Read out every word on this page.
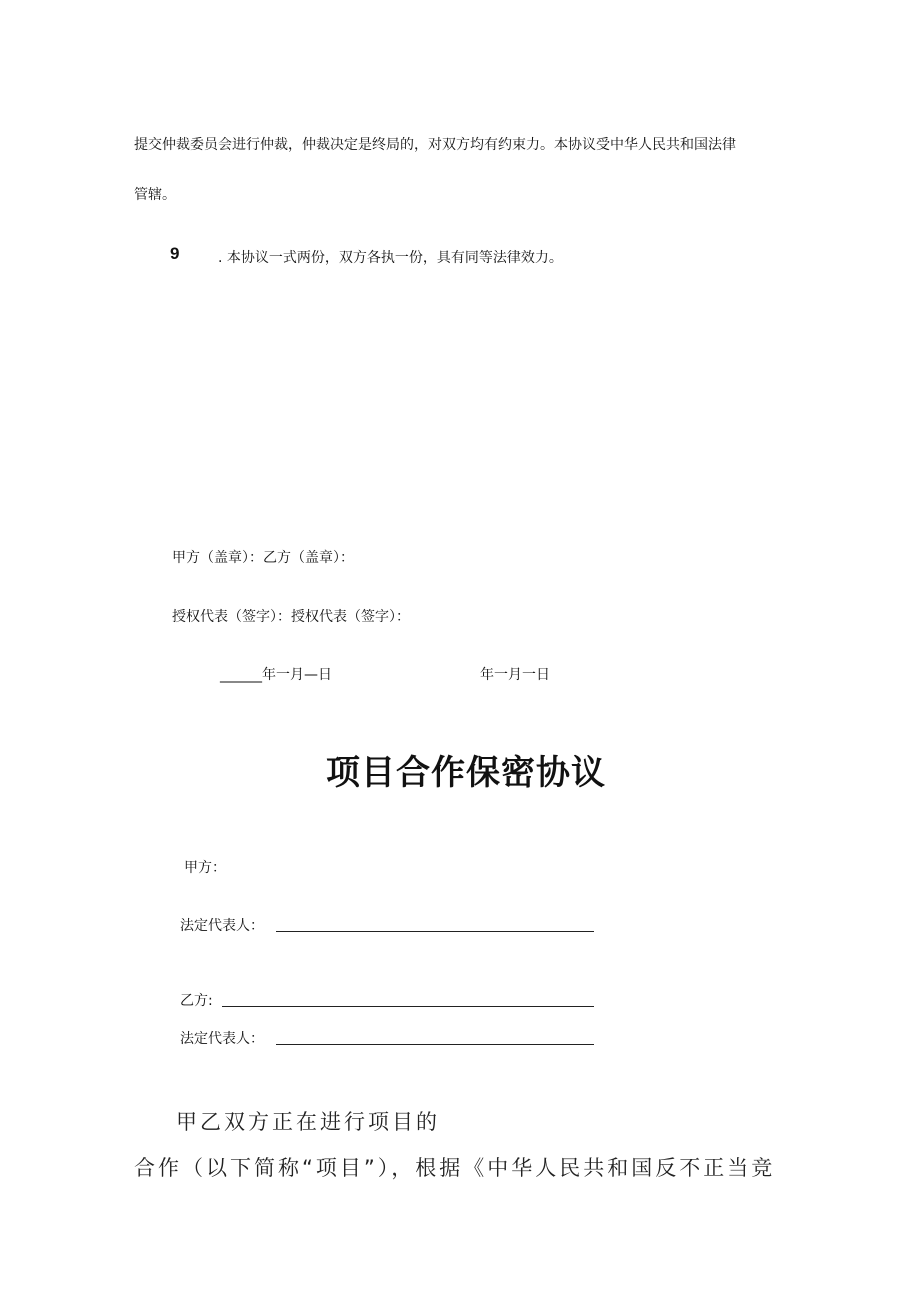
提交仲裁委员会进行仲裁，仲裁决定是终局的，对双方均有约束力。本协议受中华人民共和国法律
管辖。
9	. 本协议一式两份，双方各执一份，具有同等法律效力。
甲方（盖章）：乙方（盖章）：
授权代表（签字）：授权代表（签字）：
______年一月—日	年一月一日
项目合作保密协议
甲方：
法定代表人：
乙方:
法定代表人：
甲乙双方正在进行项目的
合作（以下简称“项目”），根据《中华人民共和国反不正当竞
